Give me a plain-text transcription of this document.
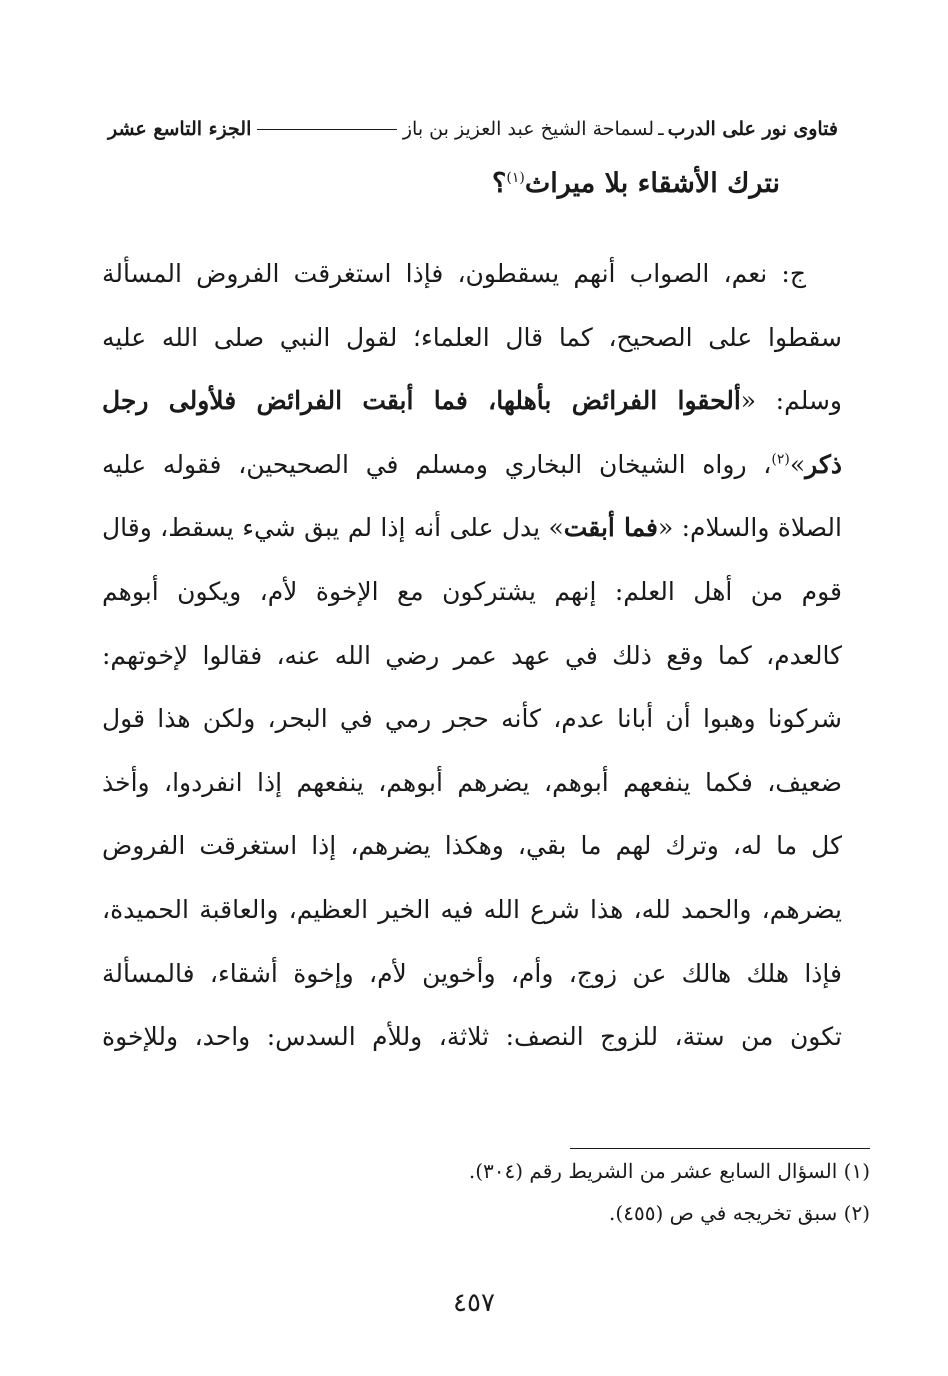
فتاوى نور على الدرب
ـ
لسماحة الشيخ عبد العزيز بن باز
الجزء التاسع عشر
نترك الأشقاء بلا ميراث$^{(١)}$؟
ج: نعم، الصواب أنهم يسقطون، فإذا استغرقت الفروض المسألة
سقطوا على الصحيح، كما قال العلماء؛ لقول النبي صلى الله عليه
وسلم: «ألحقوا الفرائض بأهلها، فما أبقت الفرائض فلأولى رجل
ذكر»$^{(٢)}$، رواه الشيخان البخاري ومسلم في الصحيحين، فقوله عليه
الصلاة والسلام: «فما أبقت» يدل على أنه إذا لم يبق شيء يسقط، وقال
قوم من أهل العلم: إنهم يشتركون مع الإخوة لأم، ويكون أبوهم
كالعدم، كما وقع ذلك في عهد عمر رضي الله عنه، فقالوا لإخوتهم:
شركونا وهبوا أن أبانا عدم، كأنه حجر رمي في البحر، ولكن هذا قول
ضعيف، فكما ينفعهم أبوهم، يضرهم أبوهم، ينفعهم إذا انفردوا، وأخذ
كل ما له، وترك لهم ما بقي، وهكذا يضرهم، إذا استغرقت الفروض
يضرهم، والحمد لله، هذا شرع الله فيه الخير العظيم، والعاقبة الحميدة،
فإذا هلك هالك عن زوج، وأم، وأخوين لأم، وإخوة أشقاء، فالمسألة
تكون من ستة، للزوج النصف: ثلاثة، وللأم السدس: واحد، وللإخوة
(١) السؤال السابع عشر من الشريط رقم (٣٠٤).
(٢) سبق تخريجه في ص (٤٥٥).
٤٥٧
